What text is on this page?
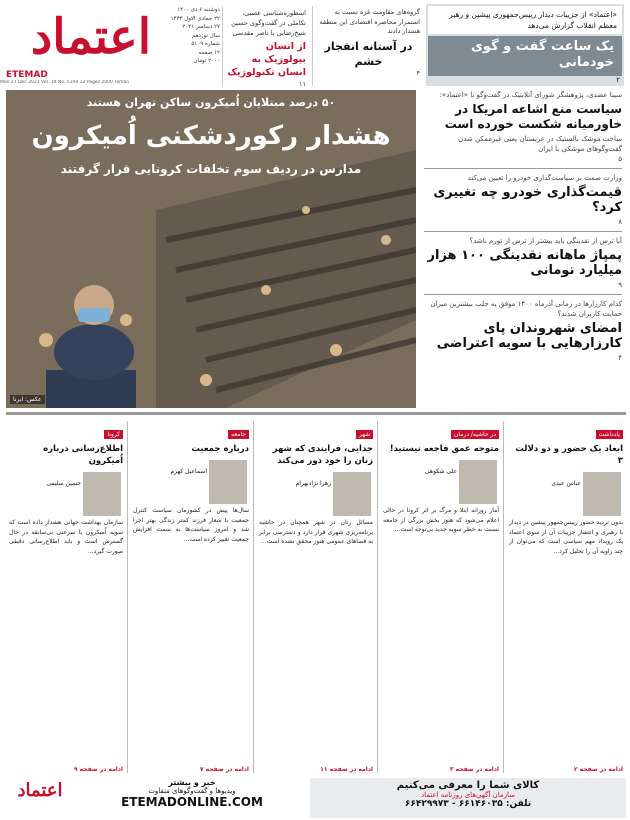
اعتماد
ETEMAD
دوشنبه ۶ دی ۱۴۰۰
۲۲ جمادی الاول ۱۴۴۳
۲۷ دسامبر ۲۰۲۱
سال نوزدهم
شماره ۵۱۰۹
۱۲ صفحه
۲۰۰۰ تومان
Mon 27 Dec 2021 Vol. 19 No. 5109 12 Pages 2000 Toman
اسطوره‌شناسی عصبی، تکاملی در گفت‌وگوی حسین شیخ‌رضایی با ناصر مقدسی
از انسان بیولوژیک به انسان تکنولوژیک
۱۱
گروه‌های مقاومت غزه نسبت به استمرار محاصره اقتصادی این منطقه هشدار دادند
در آستانه انفجار خشم
۴
«اعتماد» از جزییات دیدار رییس‌جمهوری پیشین و رهبر معظم انقلاب گزارش می‌دهد
یک ساعت گفت و گوی خودمانی
۲
۵۰ درصد مبتلایان اُمیکرون ساکن تهران هستند
هشدار رکوردشکنی اُمیکرون
مدارس در ردیف سوم تخلفات کرونایی قرار گرفتند
عکس: ایرنا
سینا عضدی، پژوهشگر شورای آتلانتیک در گفت‌وگو با «اعتماد»:
سیاست منع اشاعه امریکا در خاورمیانه شکست خورده است
ساخت موشک بالستیک در عربستان یعنی غیرممکن شدن گفت‌وگوهای موشکی با ایران
۵
وزارت صمت بر سیاست‌گذاری خودرو را تعیین می‌کند
قیمت‌گذاری خودرو چه تغییری کرد؟
۸
آیا ترس از نقدینگی باید بیشتر از ترس از تورم باشد؟
پمپاژ ماهانه نقدینگی ۱۰۰ هزار میلیارد تومانی
۹
کدام کارزارها در زمانی آذرماه ۱۴۰۰ موفق به جلب بیشترین میزان حمایت کاربران شدند؟
امضای شهروندان پای کارزارهایی با سویه اعتراضی
۴
یادداشت
ابعاد یک حضور و دو دلالت ۳
عباس عبدی
بدون تردید حضور رییس‌جمهور پیشین در دیدار با رهبری و انتشار جزییات آن از سوی اعتماد یک رویداد مهم سیاسی است که می‌توان از چند زاویه آن را تحلیل کرد...
ادامه در صفحه ۲
در حاشیه/ درمان
متوجه عمق فاجعه نیستید!
علی شکوهی
آمار روزانه ابتلا و مرگ بر اثر کرونا در حالی اعلام می‌شود که هنوز بخش بزرگی از جامعه نسبت به خطر سویه جدید بی‌توجه است...
ادامه در صفحه ۳
شهر
جدایی، فرایندی که شهر زنان را خود دور می‌کند
زهرا نژادبهرام
مسائل زنان در شهر همچنان در حاشیه برنامه‌ریزی شهری قرار دارد و دسترسی برابر به فضاهای عمومی هنوز محقق نشده است...
ادامه در صفحه ۱۱
جامعه
درباره جمعیت
اسماعیل کهرم
سال‌ها پیش در کشورمان سیاست کنترل جمعیت با شعار فرزند کمتر زندگی بهتر اجرا شد و امروز سیاست‌ها به سمت افزایش جمعیت تغییر کرده است...
ادامه در صفحه ۷
کرونا
اطلاع‌رسانی درباره اُمیکرون
حسین سلیمی
سازمان بهداشت جهانی هشدار داده است که سویه اُمیکرون با سرعتی بی‌سابقه در حال گسترش است و باید اطلاع‌رسانی دقیقی صورت گیرد...
ادامه در صفحه ۹
اعتماد	خبر و بیشتر
ویدیوها و گفت‌وگوهای متفاوت
ETEMADONLINE.COM
کالای شما را معرفی می‌کنیم
سازمان آگهی‌های روزنامه اعتماد
تلفن: ۶۶۱۴۶۰۳۵ - ۶۶۴۲۹۹۷۳
